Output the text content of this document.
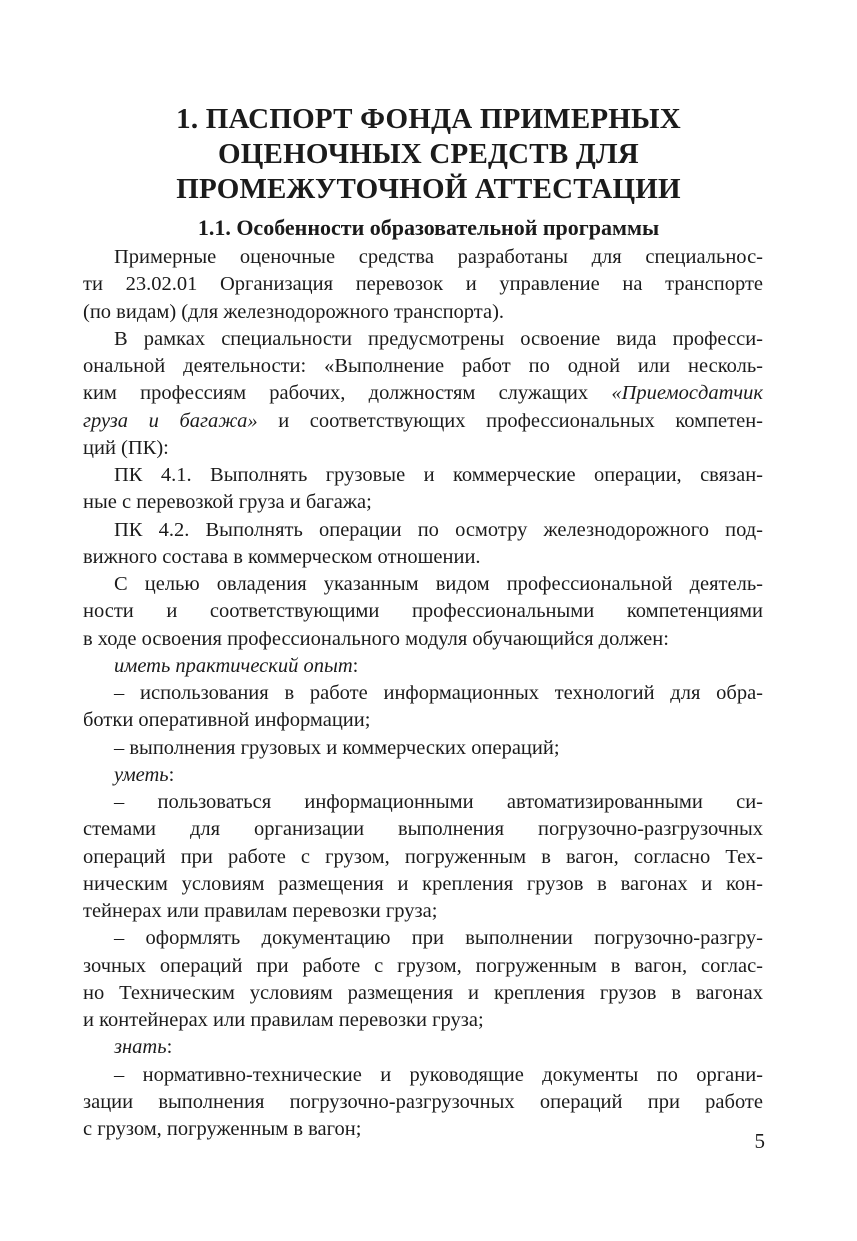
1. ПАСПОРТ ФОНДА ПРИМЕРНЫХ
ОЦЕНОЧНЫХ СРЕДСТВ ДЛЯ
ПРОМЕЖУТОЧНОЙ АТТЕСТАЦИИ
1.1. Особенности образовательной программы

Примерные оценочные средства разработаны для специальнос-
ти 23.02.01 Организация перевозок и управление на транспорте
(по видам) (для железнодорожного транспорта).

В рамках специальности предусмотрены освоение вида професси-
ональной деятельности: «Выполнение работ по одной или несколь-
ким профессиям рабочих, должностям служащих «Приемосдатчик
груза и багажа» и соответствующих профессиональных компетен-
ций (ПК):

ПК 4.1. Выполнять грузовые и коммерческие операции, связан-
ные с перевозкой груза и багажа;

ПК 4.2. Выполнять операции по осмотру железнодорожного под-
вижного состава в коммерческом отношении.

С целью овладения указанным видом профессиональной деятель-
ности и соответствующими профессиональными компетенциями
в ходе освоения профессионального модуля обучающийся должен:

иметь практический опыт:

– использования в работе информационных технологий для обра-
ботки оперативной информации;

– выполнения грузовых и коммерческих операций;

уметь:

– пользоваться информационными автоматизированными си-
стемами для организации выполнения погрузочно-разгрузочных
операций при работе с грузом, погруженным в вагон, согласно Тех-
ническим условиям размещения и крепления грузов в вагонах и кон-
тейнерах или правилам перевозки груза;

– оформлять документацию при выполнении погрузочно-разгру-
зочных операций при работе с грузом, погруженным в вагон, соглас-
но Техническим условиям размещения и крепления грузов в вагонах
и контейнерах или правилам перевозки груза;

знать:

– нормативно-технические и руководящие документы по органи-
зации выполнения погрузочно-разгрузочных операций при работе
с грузом, погруженным в вагон;	5
